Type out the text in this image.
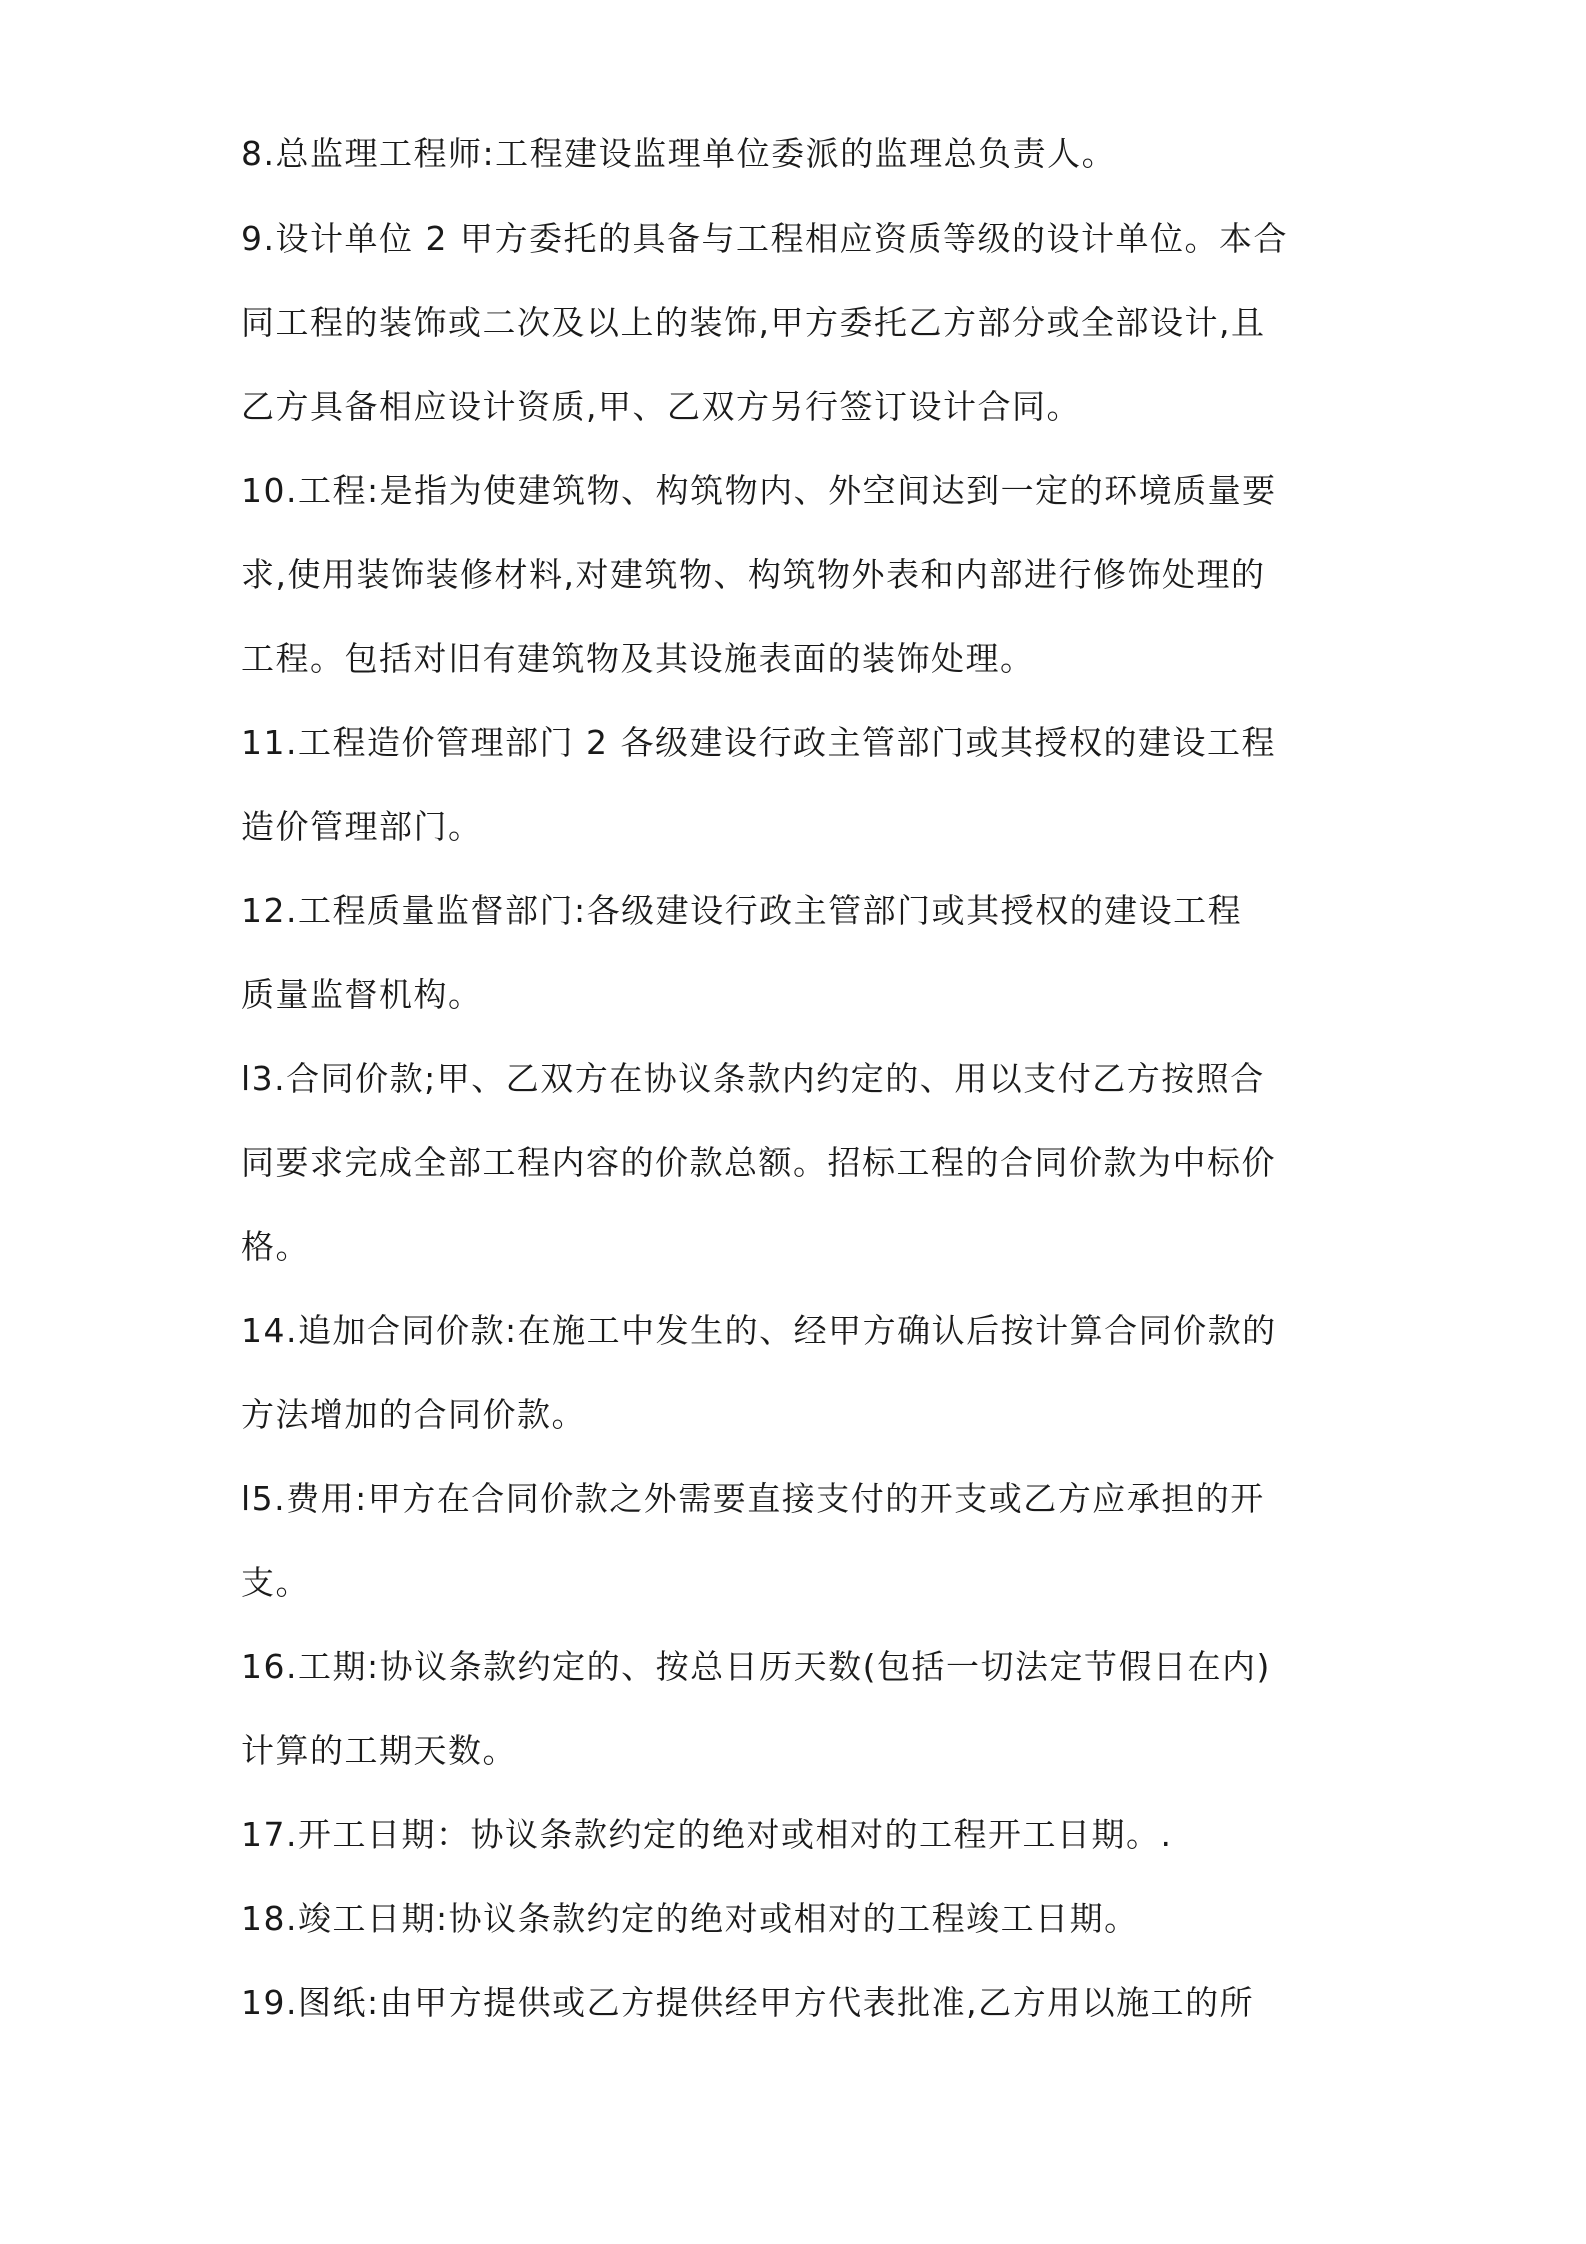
8.总监理工程师:工程建设监理单位委派的监理总负责人。
9.设计单位 2 甲方委托的具备与工程相应资质等级的设计单位。本合
同工程的装饰或二次及以上的装饰,甲方委托乙方部分或全部设计,且
乙方具备相应设计资质,甲、乙双方另行签订设计合同。
10.工程:是指为使建筑物、构筑物内、外空间达到一定的环境质量要
求,使用装饰装修材料,对建筑物、构筑物外表和内部进行修饰处理的
工程。包括对旧有建筑物及其设施表面的装饰处理。
11.工程造价管理部门 2 各级建设行政主管部门或其授权的建设工程
造价管理部门。
12.工程质量监督部门:各级建设行政主管部门或其授权的建设工程
质量监督机构。
l3.合同价款;甲、乙双方在协议条款内约定的、用以支付乙方按照合
同要求完成全部工程内容的价款总额。招标工程的合同价款为中标价
格。
14.追加合同价款:在施工中发生的、经甲方确认后按计算合同价款的
方法增加的合同价款。
l5.费用:甲方在合同价款之外需要直接支付的开支或乙方应承担的开
支。
16.工期:协议条款约定的、按总日历天数(包括一切法定节假日在内)
计算的工期天数。
17.开工日期：协议条款约定的绝对或相对的工程开工日期。.
18.竣工日期:协议条款约定的绝对或相对的工程竣工日期。
19.图纸:由甲方提供或乙方提供经甲方代表批准,乙方用以施工的所
